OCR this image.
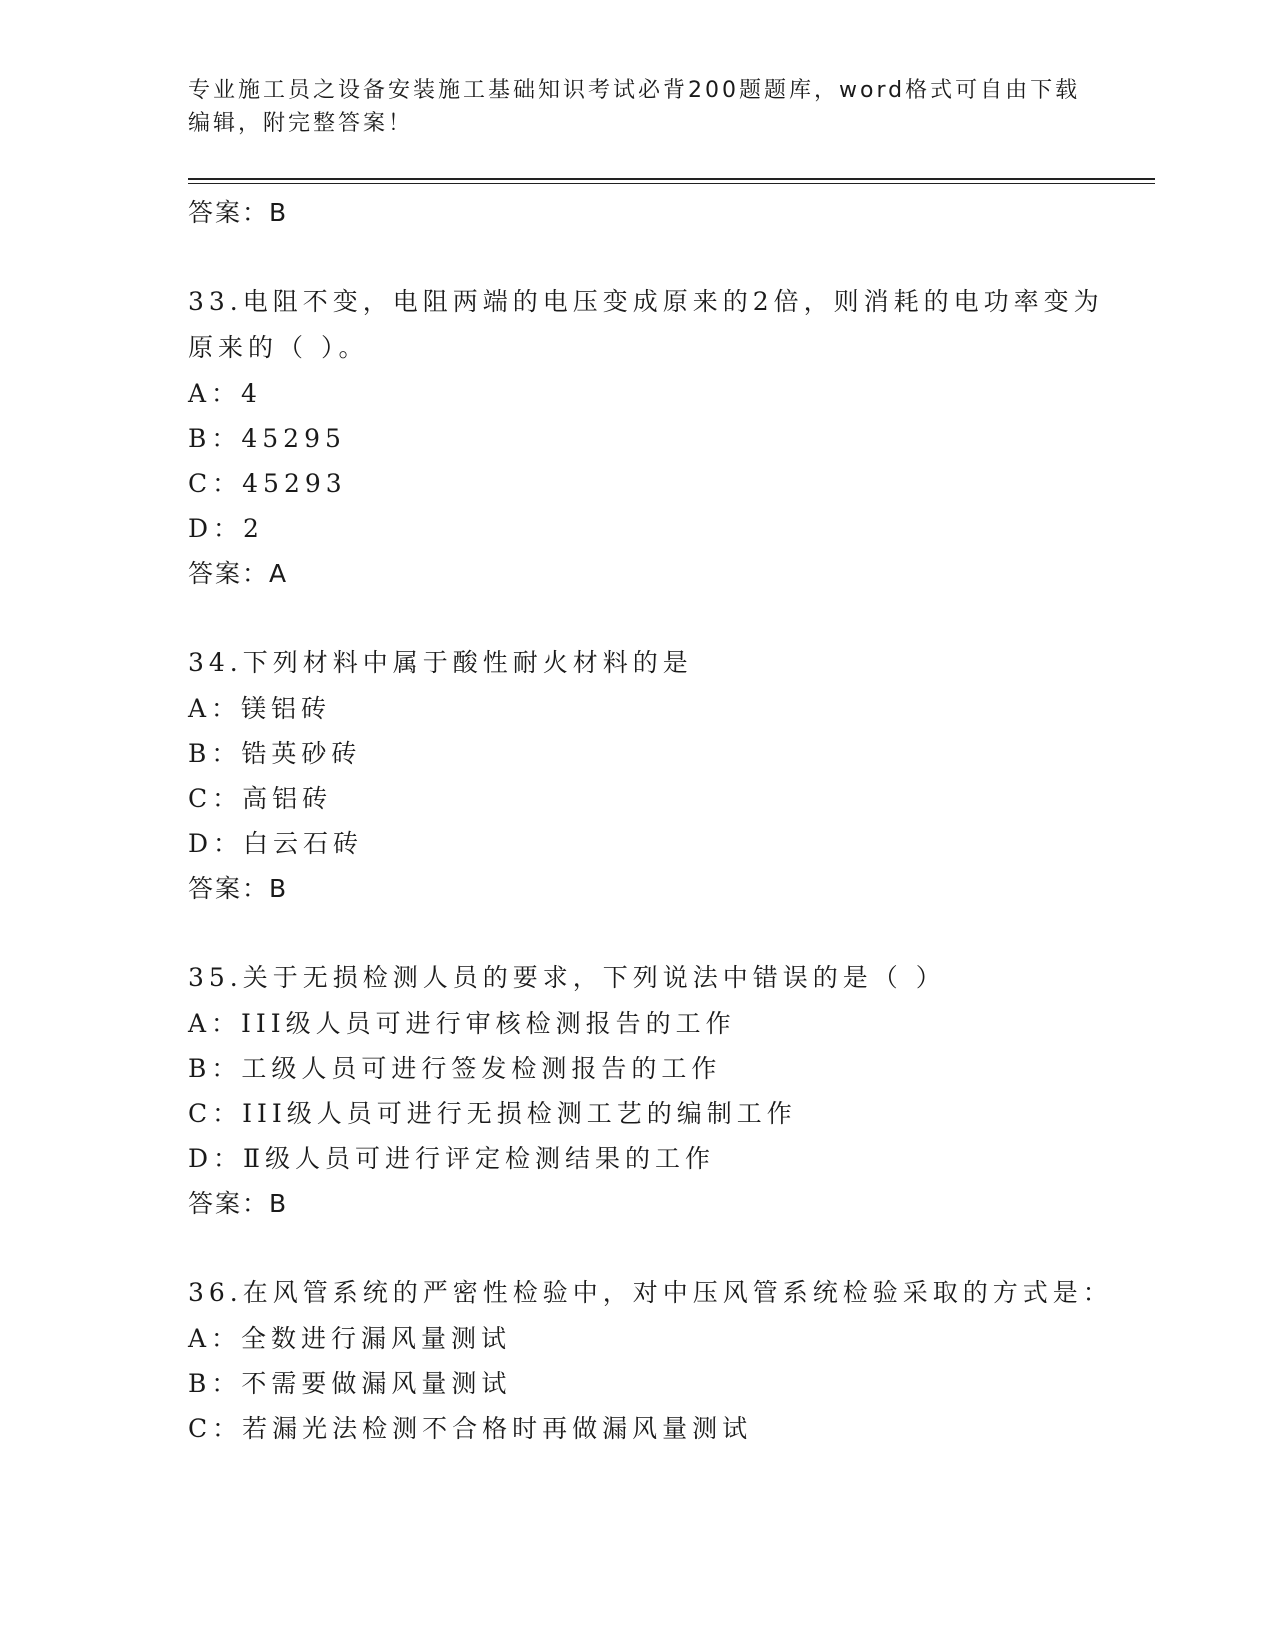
专业施工员之设备安装施工基础知识考试必背200题题库，word格式可自由下载
编辑，附完整答案！
答案：B
33.电阻不变，电阻两端的电压变成原来的2倍，则消耗的电功率变为
原来的（ ）。
A：4
B：45295
C：45293
D：2
答案：A
34.下列材料中属于酸性耐火材料的是
A：镁铝砖
B：锆英砂砖
C：高铝砖
D：白云石砖
答案：B
35.关于无损检测人员的要求，下列说法中错误的是（ ）
A：III级人员可进行审核检测报告的工作
B：工级人员可进行签发检测报告的工作
C：III级人员可进行无损检测工艺的编制工作
D：Ⅱ级人员可进行评定检测结果的工作
答案：B
36.在风管系统的严密性检验中，对中压风管系统检验采取的方式是：
A：全数进行漏风量测试
B：不需要做漏风量测试
C：若漏光法检测不合格时再做漏风量测试
